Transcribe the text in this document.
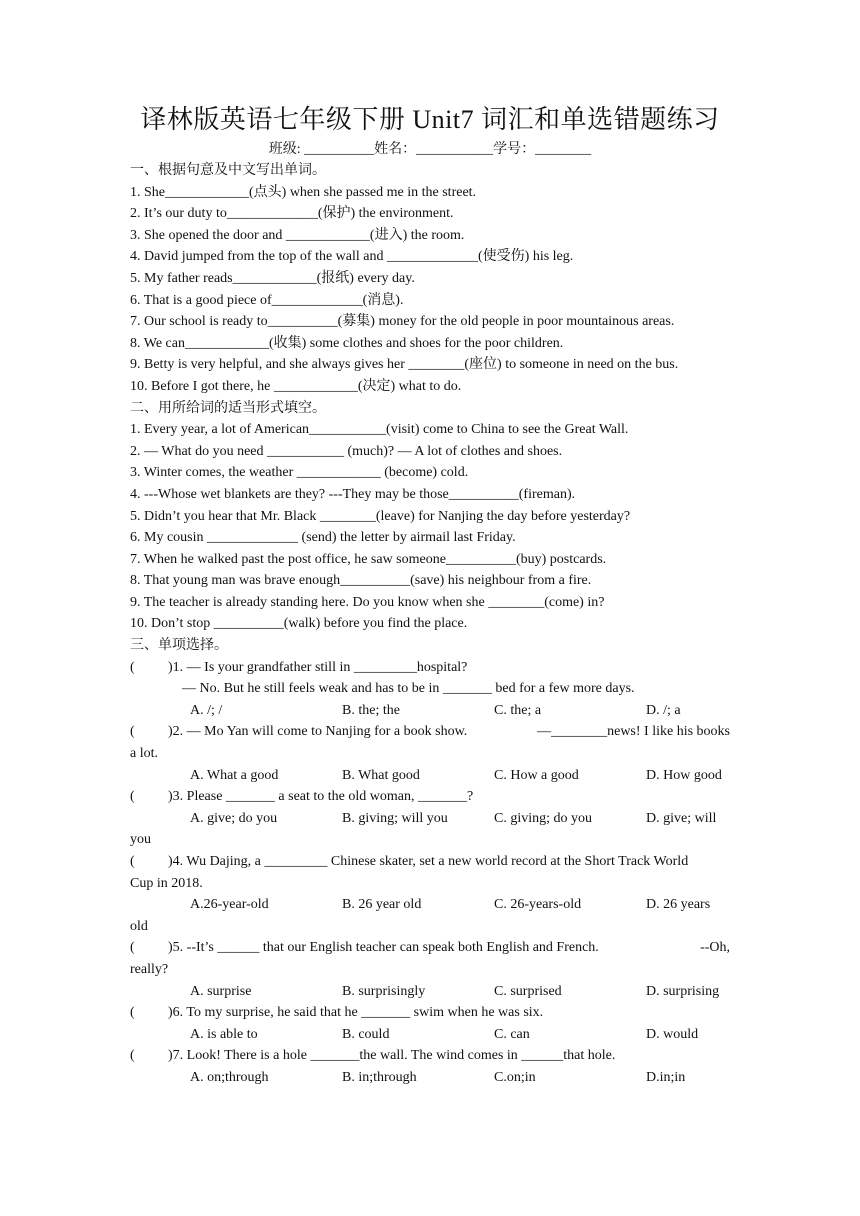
译林版英语七年级下册 Unit7 词汇和单选错题练习
班级: __________姓名：___________学号：________
一、根据句意及中文写出单词。
1. She____________(点头) when she passed me in the street.
2. It’s our duty to_____________(保护) the environment.
3. She opened the door and ____________(进入) the room.
4. David jumped from the top of the wall and _____________(使受伤) his leg.
5. My father reads____________(报纸) every day.
6. That is a good piece of_____________(消息).
7. Our school is ready to__________(募集) money for the old people in poor mountainous areas.
8. We can____________(收集) some clothes and shoes for the poor children.
9. Betty is very helpful, and she always gives her ________(座位) to someone in need on the bus.
10. Before I got there, he ____________(决定) what to do.
二、用所给词的适当形式填空。
1. Every year, a lot of American___________(visit) come to China to see the Great Wall.
2. — What do you need ___________ (much)? — A lot of clothes and shoes.
3. Winter comes, the weather ____________ (become) cold.
4. ---Whose wet blankets are they? ---They may be those__________(fireman).
5. Didn’t you hear that Mr. Black ________(leave) for Nanjing the day before yesterday?
6. My cousin _____________ (send) the letter by airmail last Friday.
7. When he walked past the post office, he saw someone__________(buy) postcards.
8. That young man was brave enough__________(save) his neighbour from a fire.
9. The teacher is already standing here. Do you know when she ________(come) in?
10. Don’t stop __________(walk) before you find the place.
三、单项选择。
(	)1. — Is your grandfather still in _________hospital?
— No. But he still feels weak and has to be in _______ bed for a few more days.
A. /; /	B. the; the	C. the; a	D. /; a
( )2. — Mo Yan will come to Nanjing for a book show.	—________news! I like his books
a lot.
A. What a good	B. What good	C. How a good	D. How good
(	)3. Please _______ a seat to the old woman, _______?
A. give; do you	B. giving; will you	C. giving; do you	D. give; will
you
(	)4. Wu Dajing, a _________ Chinese skater, set a new world record at the Short Track World
Cup in 2018.
A.26-year-old	B. 26 year old	C. 26-years-old	D. 26 years
old
( )5. --It’s ______ that our English teacher can speak both English and French.	--Oh,
really?
A. surprise	B. surprisingly	C. surprised	D. surprising
(	)6. To my surprise, he said that he _______ swim when he was six.
A. is able to	B. could	C. can	D. would
(	)7. Look! There is a hole _______the wall. The wind comes in ______that hole.
A. on;through	B. in;through	C.on;in	D.in;in
